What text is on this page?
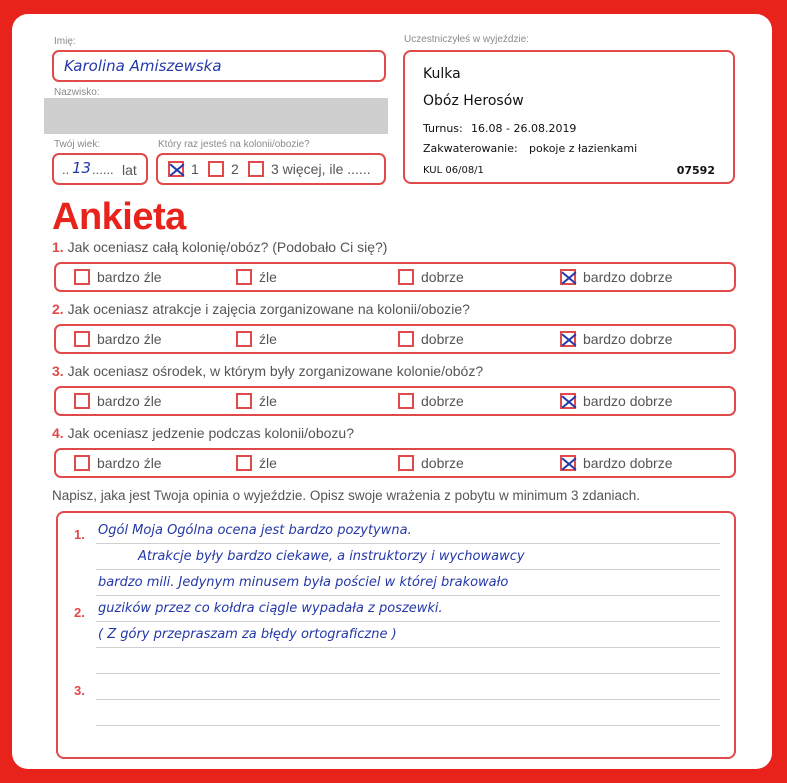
Imię:
Karolina Amiszewska
Nazwisko:
Twój wiek:
.. 13 ...... lat
Który raz jesteś na kolonii/obozie?
1 2 3 więcej, ile ......
Uczestniczyłeś w wyjeździe:
Kulka
Obóz Herosów
Turnus: 16.08 - 26.08.2019
Zakwaterowanie: pokoje z łazienkami
KUL 06/08/1	07592
Ankieta
1. Jak oceniasz całą kolonię/obóz? (Podobało Ci się?)
bardzo źle	źle	dobrze	bardzo dobrze
2. Jak oceniasz atrakcje i zajęcia zorganizowane na kolonii/obozie?
bardzo źle	źle	dobrze	bardzo dobrze
3. Jak oceniasz ośrodek, w którym były zorganizowane kolonie/obóz?
bardzo źle	źle	dobrze	bardzo dobrze
4. Jak oceniasz jedzenie podczas kolonii/obozu?
bardzo źle	źle	dobrze	bardzo dobrze
Napisz, jaka jest Twoja opinia o wyjeździe. Opisz swoje wrażenia z pobytu w minimum 3 zdaniach.
1.
2.
3.
Ogól Moja Ogólna ocena jest bardzo pozytywna.
Atrakcje były bardzo ciekawe, a instruktorzy i wychowawcy
bardzo mili. Jedynym minusem była pościel w której brakowało
guzików przez co kołdra ciągle wypadała z poszewki.
( Z góry przepraszam za błędy ortograficzne )
